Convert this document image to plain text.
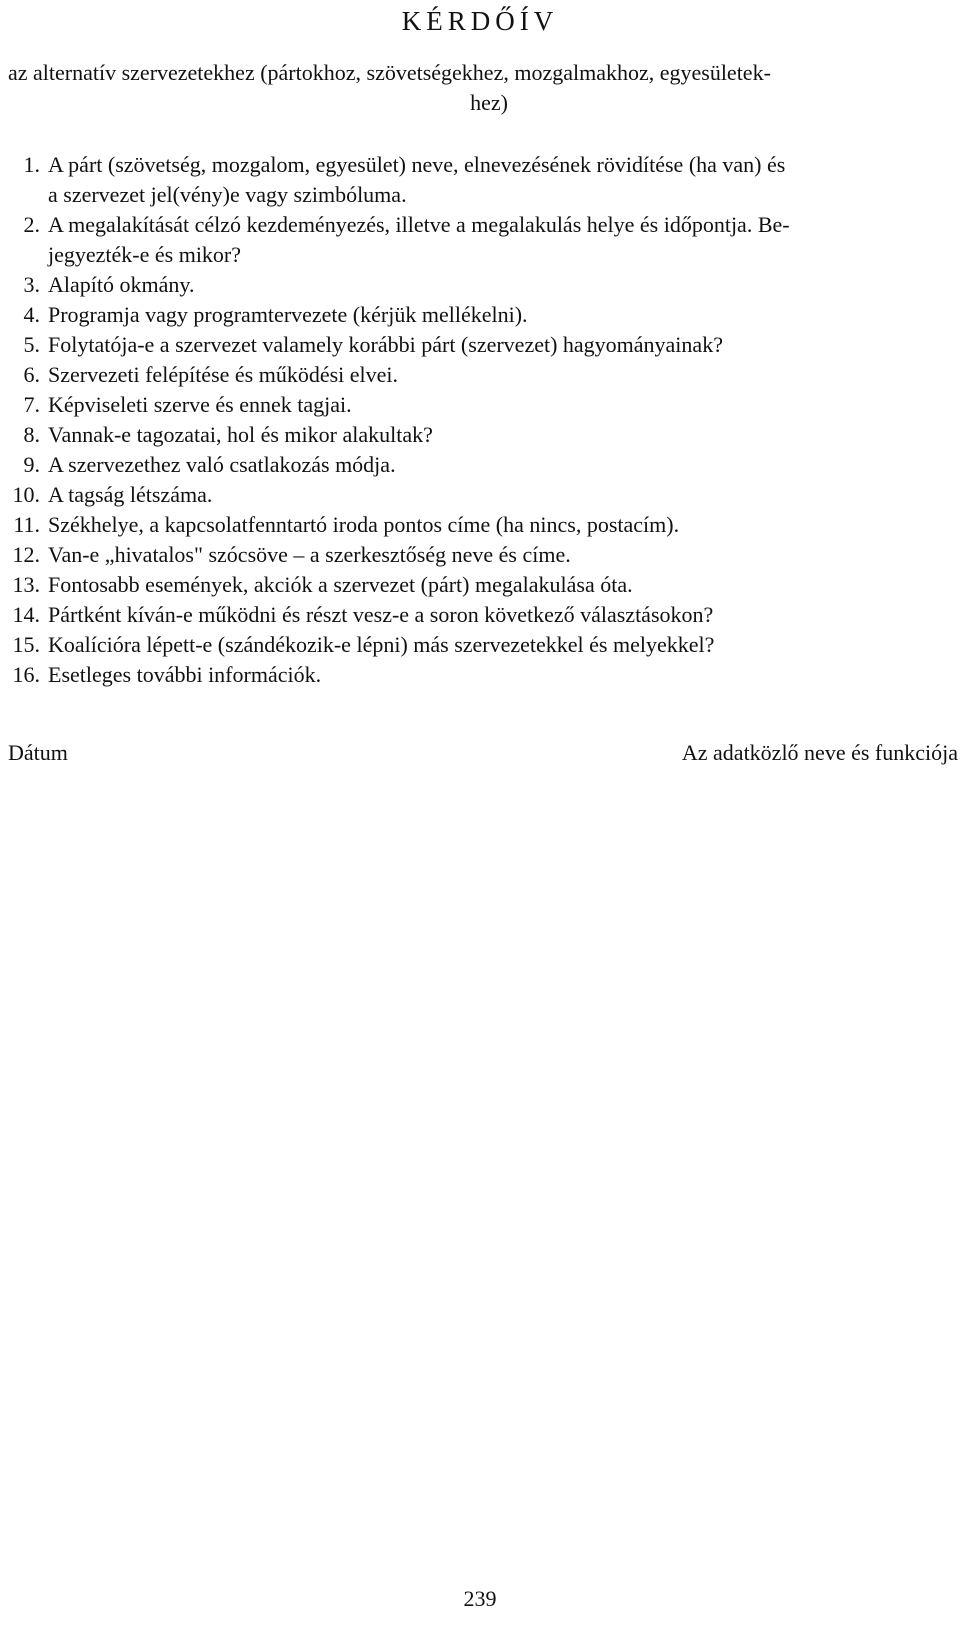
KÉRDŐÍV
az alternatív szervezetekhez (pártokhoz, szövetségekhez, mozgalmakhoz, egyesületek-
hez)
1. A párt (szövetség, mozgalom, egyesület) neve, elnevezésének rövidítése (ha van) és
a szervezet jel(vény)e vagy szimbóluma.
2. A megalakítását célzó kezdeményezés, illetve a megalakulás helye és időpontja. Be-
jegyezték-e és mikor?
3. Alapító okmány.
4. Programja vagy programtervezete (kérjük mellékelni).
5. Folytatója-e a szervezet valamely korábbi párt (szervezet) hagyományainak?
6. Szervezeti felépítése és működési elvei.
7. Képviseleti szerve és ennek tagjai.
8. Vannak-e tagozatai, hol és mikor alakultak?
9. A szervezethez való csatlakozás módja.
10. A tagság létszáma.
11. Székhelye, a kapcsolatfenntartó iroda pontos címe (ha nincs, postacím).
12. Van-e „hivatalos" szócsöve – a szerkesztőség neve és címe.
13. Fontosabb események, akciók a szervezet (párt) megalakulása óta.
14. Pártként kíván-e működni és részt vesz-e a soron következő választásokon?
15. Koalícióra lépett-e (szándékozik-e lépni) más szervezetekkel és melyekkel?
16. Esetleges további információk.
Dátum	Az adatközlő neve és funkciója
239
